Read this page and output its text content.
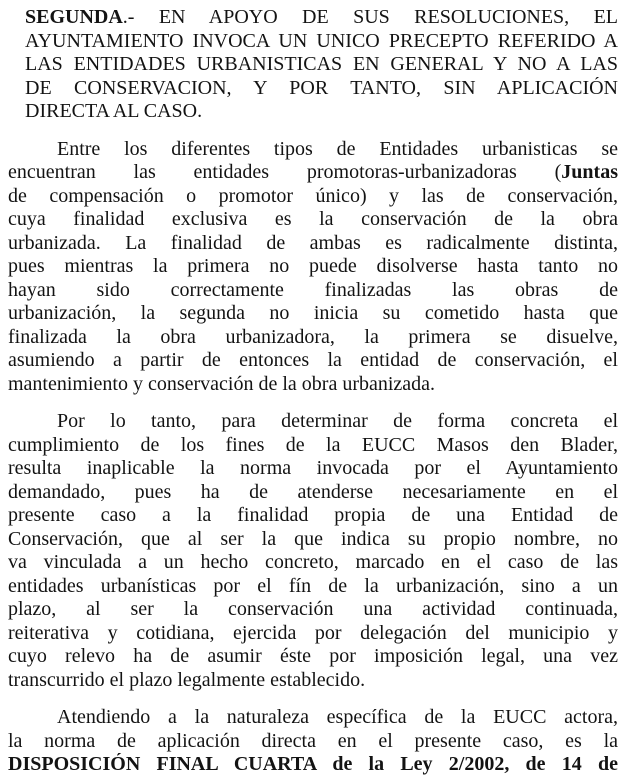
SEGUNDA.- EN APOYO DE SUS RESOLUCIONES, EL
AYUNTAMIENTO INVOCA UN UNICO PRECEPTO REFERIDO A
LAS ENTIDADES URBANISTICAS EN GENERAL Y NO A LAS
DE CONSERVACION, Y POR TANTO, SIN APLICACIÓN
DIRECTA AL CASO.
Entre los diferentes tipos de Entidades urbanisticas se
encuentran las entidades promotoras-urbanizadoras (Juntas
de compensación o promotor único) y las de conservación,
cuya finalidad exclusiva es la conservación de la obra
urbanizada. La finalidad de ambas es radicalmente distinta,
pues mientras la primera no puede disolverse hasta tanto no
hayan sido correctamente finalizadas las obras de
urbanización, la segunda no inicia su cometido hasta que
finalizada la obra urbanizadora, la primera se disuelve,
asumiendo a partir de entonces la entidad de conservación, el
mantenimiento y conservación de la obra urbanizada.
Por lo tanto, para determinar de forma concreta el
cumplimiento de los fines de la EUCC Masos den Blader,
resulta inaplicable la norma invocada por el Ayuntamiento
demandado, pues ha de atenderse necesariamente en el
presente caso a la finalidad propia de una Entidad de
Conservación, que al ser la que indica su propio nombre, no
va vinculada a un hecho concreto, marcado en el caso de las
entidades urbanísticas por el fín de la urbanización, sino a un
plazo, al ser la conservación una actividad continuada,
reiterativa y cotidiana, ejercida por delegación del municipio y
cuyo relevo ha de asumir éste por imposición legal, una vez
transcurrido el plazo legalmente establecido.
Atendiendo a la naturaleza específica de la EUCC actora,
la norma de aplicación directa en el presente caso, es la
DISPOSICIÓN FINAL CUARTA de la Ley 2/2002, de 14 de
